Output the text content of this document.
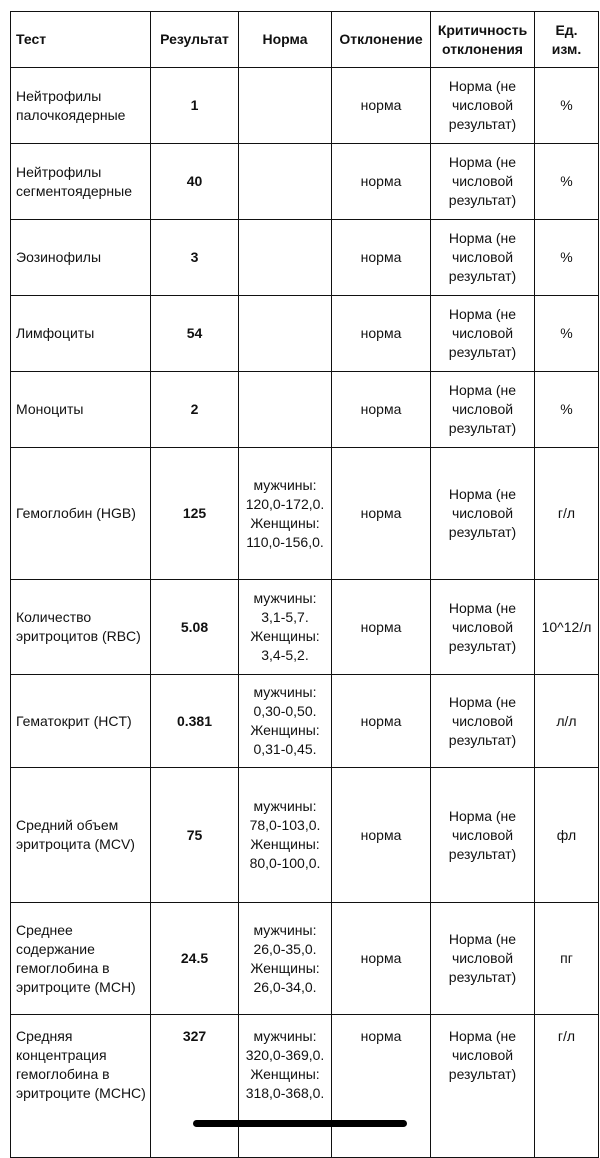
Тест	Результат	Норма	Отклонение	Критичность отклонения	Ед. изм.
Нейтрофилы палочкоядерные	1		норма	Норма (не числовой результат)	%
Нейтрофилы сегментоядерные	40		норма	Норма (не числовой результат)	%
Эозинофилы	3		норма	Норма (не числовой результат)	%
Лимфоциты	54		норма	Норма (не числовой результат)	%
Моноциты	2		норма	Норма (не числовой результат)	%
Гемоглобин (HGB)	125	мужчины: 120,0-172,0. Женщины: 110,0-156,0.	норма	Норма (не числовой результат)	г/л
Количество эритроцитов (RBC)	5.08	мужчины: 3,1-5,7. Женщины: 3,4-5,2.	норма	Норма (не числовой результат)	10^12/л
Гематокрит (HCT)	0.381	мужчины: 0,30-0,50. Женщины: 0,31-0,45.	норма	Норма (не числовой результат)	л/л
Средний объем эритроцита (MCV)	75	мужчины: 78,0-103,0. Женщины: 80,0-100,0.	норма	Норма (не числовой результат)	фл
Среднее содержание гемоглобина в эритроците (MCH)	24.5	мужчины: 26,0-35,0. Женщины: 26,0-34,0.	норма	Норма (не числовой результат)	пг
Средняя концентрация гемоглобина в эритроците (MCHC)	327	мужчины: 320,0-369,0. Женщины: 318,0-368,0.	норма	Норма (не числовой результат)	г/л
